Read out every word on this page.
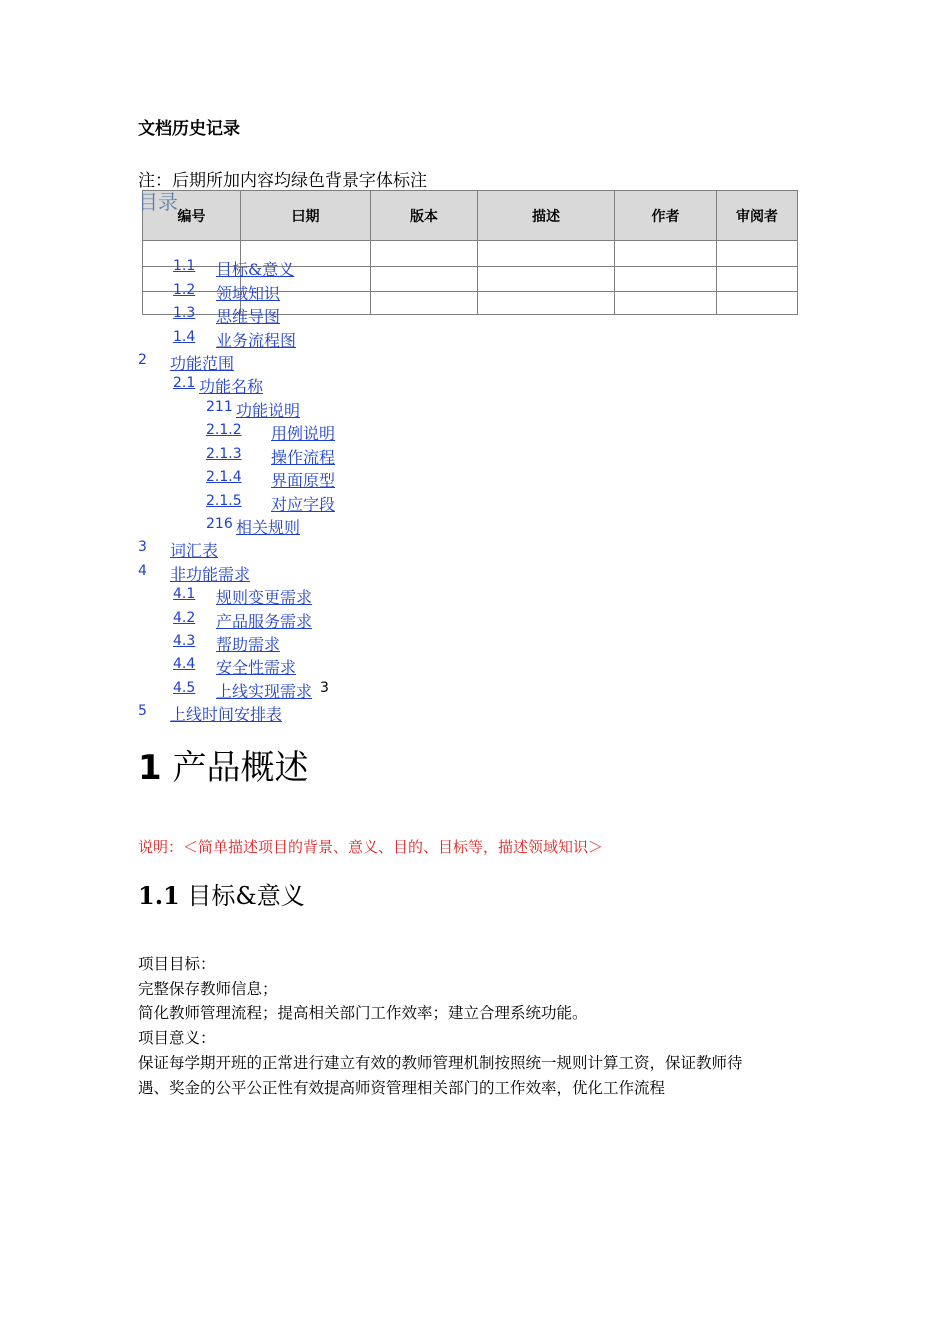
文档历史记录
注：后期所加内容均绿色背景字体标注
编号	曰期	版本	描述	作者	审阅者

目录
1.1 目标&意义
1.2 领域知识
1.3 思维导图
1.4 业务流程图
2 功能范围
2.1 功能名称
211 功能说明
2.1.2 用例说明
2.1.3 操作流程
2.1.4 界面原型
2.1.5 对应字段
216 相关规则
3 词汇表
4 非功能需求
4.1 规则变更需求
4.2 产品服务需求
4.3 帮助需求
4.4 安全性需求
4.5 上线实现需求 3
5 上线时间安排表
1 产品概述
说明：＜简单描述项目的背景、意义、目的、目标等，描述领域知识＞
1.1 目标&意义
项目目标：
完整保存教师信息；
简化教师管理流程；提高相关部门工作效率；建立合理系统功能。
项目意义：
保证每学期开班的正常进行建立有效的教师管理机制按照统一规则计算工资，保证教师待
遇、奖金的公平公正性有效提高师资管理相关部门的工作效率，优化工作流程
